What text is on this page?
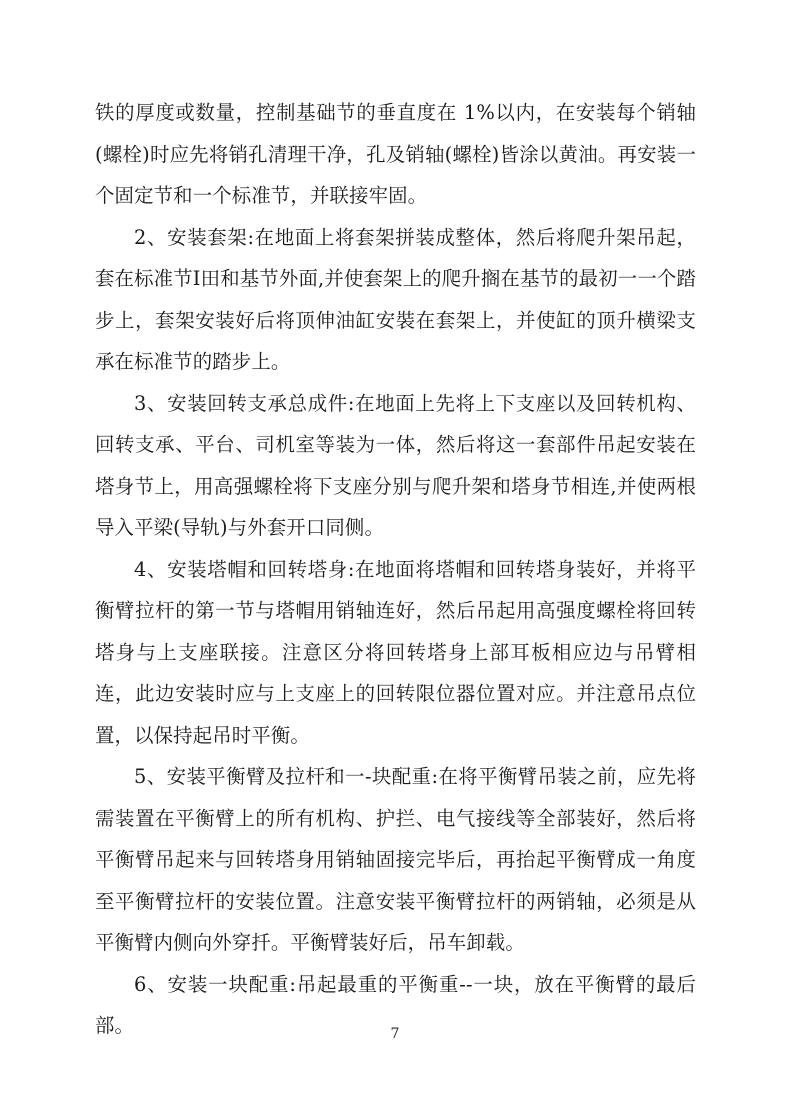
铁的厚度或数量，控制基础节的垂直度在 1%以内，在安装每个销轴(螺栓)时应先将销孔清理干净，孔及销轴(螺栓)皆涂以黄油。再安装一个固定节和一个标准节，并联接牢固。

2、安装套架:在地面上将套架拼装成整体，然后将爬升架吊起，套在标准节Ⅰ田和基节外面,并使套架上的爬升搁在基节的最初一一个踏步上，套架安装好后将顶伸油缸安裝在套架上，并使缸的顶升横梁支承在标准节的踏步上。

3、安装回转支承总成件:在地面上先将上下支座以及回转机构、回转支承、平台、司机室等装为一体，然后将这一套部件吊起安装在塔身节上，用高强螺栓将下支座分别与爬升架和塔身节相连,并使两根导入平梁(导轨)与外套开口同侧。

4、安装塔帽和回转塔身:在地面将塔帽和回转塔身装好，并将平衡臂拉杆的第一节与塔帽用销轴连好，然后吊起用高强度螺栓将回转塔身与上支座联接。注意区分将回转塔身上部耳板相应边与吊臂相连，此边安装时应与上支座上的回转限位器位置对应。并注意吊点位置，以保持起吊时平衡。

5、安装平衡臂及拉杆和一-块配重:在将平衡臂吊装之前，应先将需装置在平衡臂上的所有机构、护拦、电气接线等全部装好，然后将平衡臂吊起来与回转塔身用销轴固接完毕后，再抬起平衡臂成一角度至平衡臂拉杆的安装位置。注意安装平衡臂拉杆的两销轴，必须是从平衡臂内侧向外穿扦。平衡臂装好后，吊车卸载。

6、安装一块配重:吊起最重的平衡重--一块，放在平衡臂的最后部。	7
